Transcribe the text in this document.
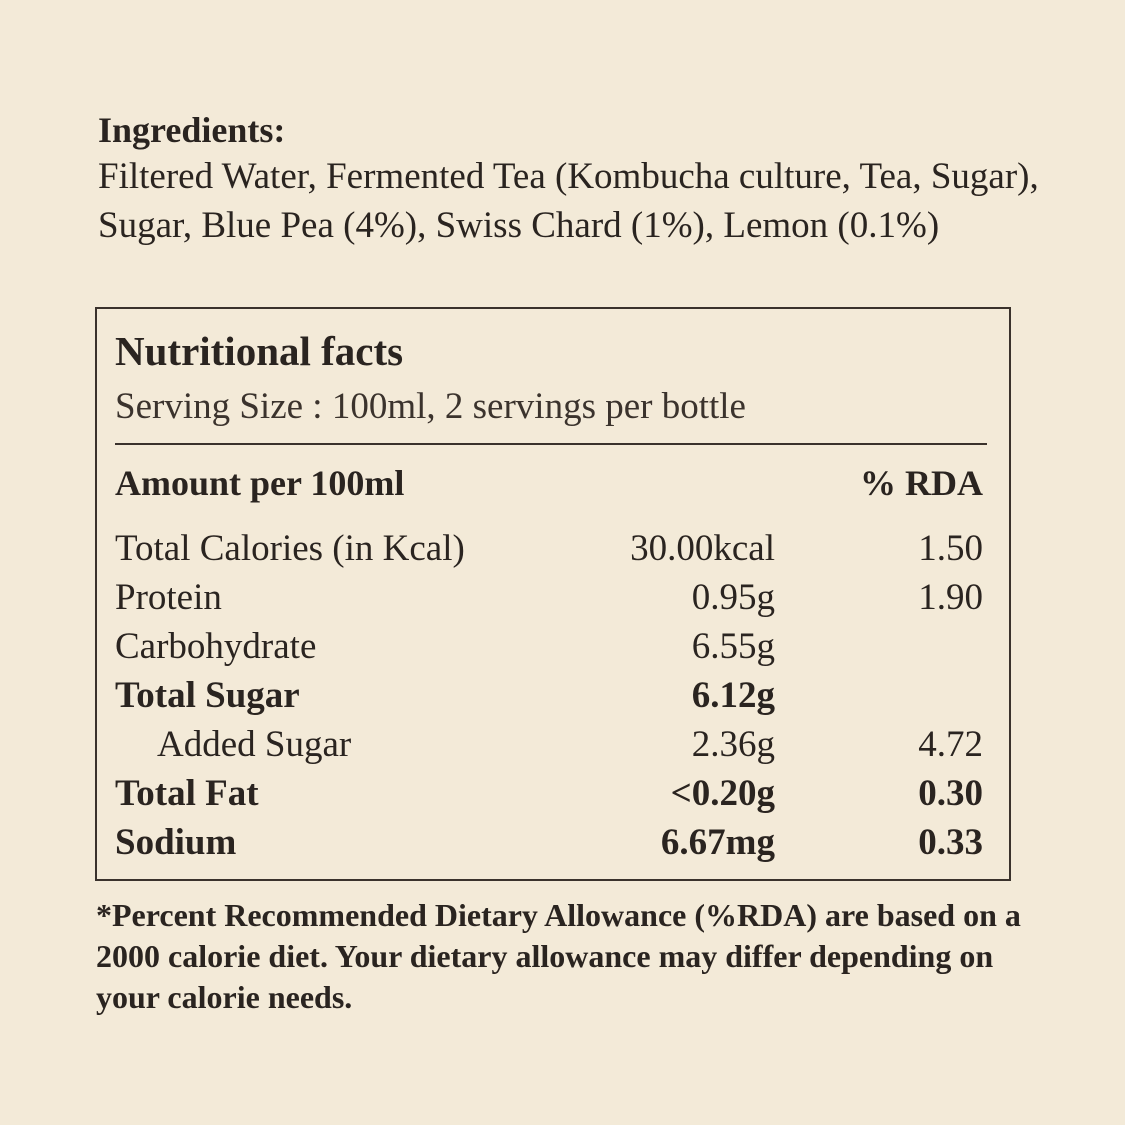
Ingredients:

Filtered Water, Fermented Tea (Kombucha culture, Tea, Sugar), Sugar, Blue Pea (4%), Swiss Chard (1%), Lemon (0.1%)

Nutritional facts

Serving Size : 100ml, 2 servings per bottle

Amount per 100ml	% RDA
Total Calories (in Kcal)	30.00kcal	1.50
Protein	0.95g	1.90
Carbohydrate	6.55g
Total Sugar	6.12g
Added Sugar	2.36g	4.72
Total Fat	<0.20g	0.30
Sodium	6.67mg	0.33

*Percent Recommended Dietary Allowance (%RDA) are based on a 2000 calorie diet. Your dietary allowance may differ depending on your calorie needs.
